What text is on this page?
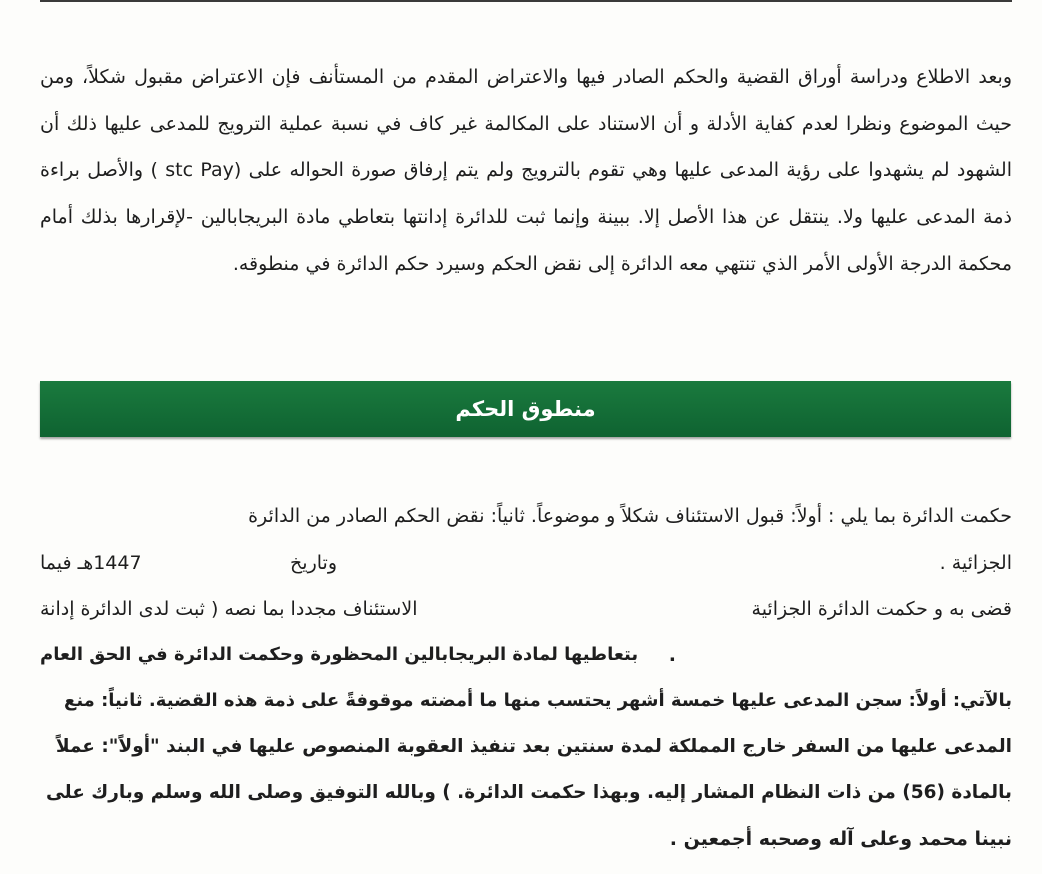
وبعد الاطلاع ودراسة أوراق القضية والحكم الصادر فيها والاعتراض المقدم من المستأنف فإن الاعتراض مقبول شكلاً، ومن حيث الموضوع ونظرا لعدم كفاية الأدلة و أن الاستناد على المكالمة غير كاف في نسبة عملية الترويج للمدعى عليها ذلك أن الشهود لم يشهدوا على رؤية المدعى عليها وهي تقوم بالترويج ولم يتم إرفاق صورة الحواله على (stc Pay ) والأصل براءة ذمة المدعى عليها ولا. ينتقل عن هذا الأصل إلا. ببينة وإنما ثبت للدائرة إدانتها بتعاطي مادة البريجابالين -لإقرارها بذلك أمام محكمة الدرجة الأولى الأمر الذي تنتهي معه الدائرة إلى نقض الحكم وسيرد حكم الدائرة في منطوقه.

منطوق الحكم
حكمت الدائرة بما يلي : أولاً: قبول الاستئناف شكلاً و موضوعاً. ثانياً: نقض الحكم الصادر من الدائرة
الجزائية .
وتاريخ
1447هـ فيما
قضى به و حكمت الدائرة الجزائية
الاستئناف مجددا بما نصه ( ثبت لدى الدائرة إدانة
.
بتعاطيها لمادة البريجابالين المحظورة وحكمت الدائرة في الحق العام
بالآتي: أولاً: سجن المدعى عليها خمسة أشهر يحتسب منها ما أمضته موقوفةً على ذمة هذه القضية. ثانياً: منع
المدعى عليها من السفر خارج المملكة لمدة سنتين بعد تنفيذ العقوبة المنصوص عليها في البند "أولاً": عملاً
بالمادة (56) من ذات النظام المشار إليه. وبهذا حكمت الدائرة. ) وبالله التوفيق وصلى الله وسلم وبارك على
نبينا محمد وعلى آله وصحبه أجمعين .
